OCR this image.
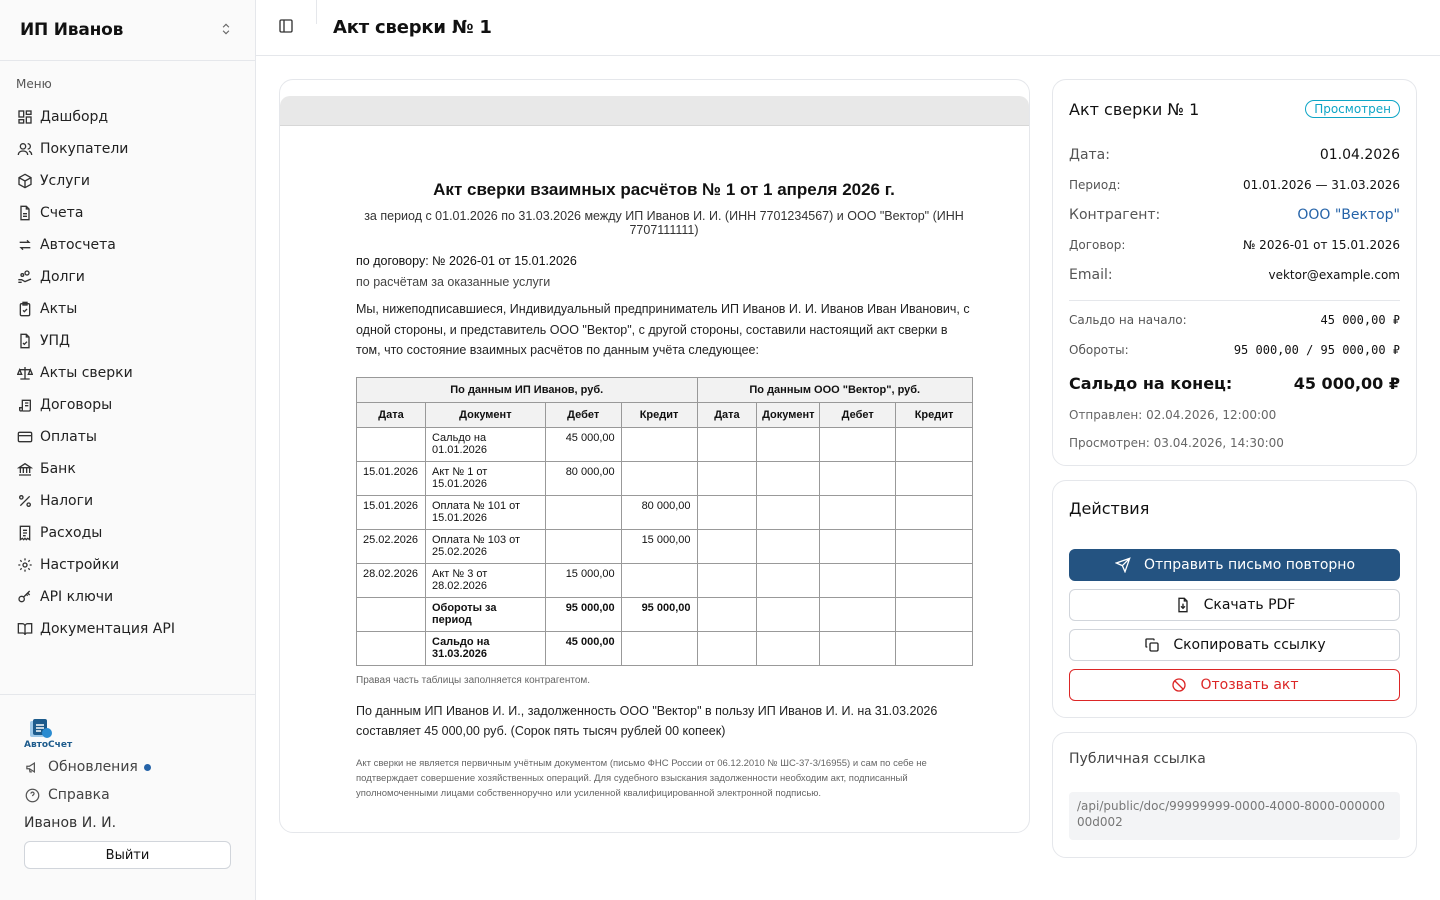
ИП Иванов
Меню
Дашборд
Покупатели
Услуги
Счета
Автосчета
Долги
Акты
УПД
Акты сверки
Договоры
Оплаты
Банк
Налоги
Расходы
Настройки
API ключи
Документация API
АвтоСчет
Обновления
Справка
Иванов И. И.
Выйти
Акт сверки № 1
Акт сверки взаимных расчётов № 1 от 1 апреля 2026 г.
за период с 01.01.2026 по 31.03.2026 между ИП Иванов И. И. (ИНН 7701234567) и ООО "Вектор" (ИНН 7707111111)
по договору: № 2026-01 от 15.01.2026
по расчётам за оказанные услуги
Мы, нижеподписавшиеся, Индивидуальный предприниматель ИП Иванов И. И. Иванов Иван Иванович, с одной стороны, и представитель ООО "Вектор", с другой стороны, составили настоящий акт сверки в том, что состояние взаимных расчётов по данным учёта следующее:
По данным ИП Иванов, руб.				По данным ООО "Вектор", руб.			
Дата	Документ	Дебет	Кредит	Дата	Документ	Дебет	Кредит
	Сальдо на 01.01.2026	45 000,00					
15.01.2026	Акт № 1 от 15.01.2026	80 000,00					
15.01.2026	Оплата № 101 от 15.01.2026		80 000,00				
25.02.2026	Оплата № 103 от 25.02.2026		15 000,00				
28.02.2026	Акт № 3 от 28.02.2026	15 000,00					
	Обороты за период	95 000,00	95 000,00				
	Сальдо на 31.03.2026	45 000,00					
Правая часть таблицы заполняется контрагентом.
По данным ИП Иванов И. И., задолженность ООО "Вектор" в пользу ИП Иванов И. И. на 31.03.2026 составляет 45 000,00 руб. (Сорок пять тысяч рублей 00 копеек)
Акт сверки не является первичным учётным документом (письмо ФНС России от 06.12.2010 № ШС-37-3/16955) и сам по себе не подтверждает совершение хозяйственных операций. Для судебного взыскания задолженности необходим акт, подписанный уполномоченными лицами собственноручно или усиленной квалифицированной электронной подписью.
Акт сверки № 1	Просмотрен
Дата:	01.04.2026
Период:	01.01.2026 — 31.03.2026
Контрагент:	ООО "Вектор"
Договор:	№ 2026-01 от 15.01.2026
Email:	vektor@example.com
Сальдо на начало:	45 000,00 ₽
Обороты:	95 000,00 / 95 000,00 ₽
Сальдо на конец:	45 000,00 ₽
Отправлен: 02.04.2026, 12:00:00
Просмотрен: 03.04.2026, 14:30:00
Действия
Отправить письмо повторно
Скачать PDF
Скопировать ссылку
Отозвать акт
Публичная ссылка
/api/public/doc/99999999-0000-4000-8000-00000000d002
